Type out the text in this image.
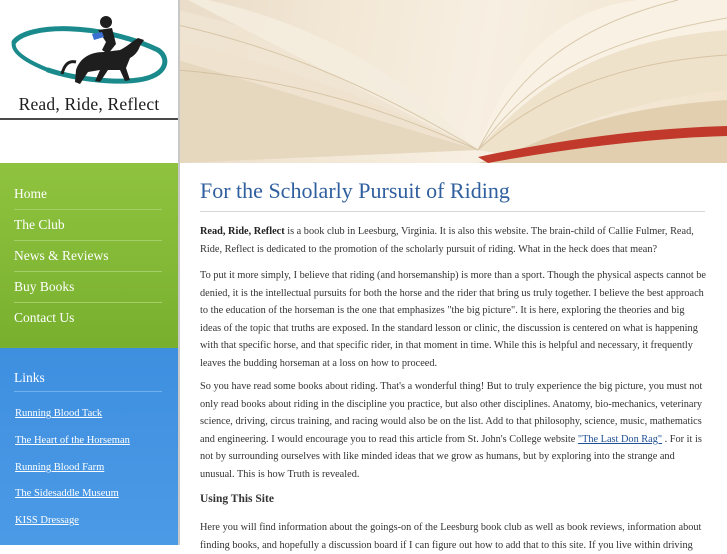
Read, Ride, Reflect
Home
The Club
News & Reviews
Buy Books
Contact Us
Links
Running Blood Tack
The Heart of the Horseman
Running Blood Farm
The Sidesaddle Museum
KISS Dressage
For the Scholarly Pursuit of Riding

Read, Ride, Reflect is a book club in Leesburg, Virginia. It is also this website. The brain-child of Callie Fulmer, Read, Ride, Reflect is dedicated to the promotion of the scholarly pursuit of riding. What in the heck does that mean?

To put it more simply, I believe that riding (and horsemanship) is more than a sport. Though the physical aspects cannot be denied, it is the intellectual pursuits for both the horse and the rider that bring us truly together. I believe the best approach to the education of the horseman is the one that emphasizes "the big picture". It is here, exploring the theories and big ideas of the topic that truths are exposed. In the standard lesson or clinic, the discussion is centered on what is happening with that specific horse, and that specific rider, in that moment in time. While this is helpful and necessary, it frequently leaves the budding horseman at a loss on how to proceed.

So you have read some books about riding. That's a wonderful thing! But to truly experience the big picture, you must not only read books about riding in the discipline you practice, but also other disciplines. Anatomy, bio-mechanics, veterinary science, driving, circus training, and racing would also be on the list. Add to that philosophy, science, music, mathematics and engineering. I would encourage you to read this article from St. John's College website "The Last Don Rag" . For it is not by surrounding ourselves with like minded ideas that we grow as humans, but by exploring into the strange and unusual. This is how Truth is revealed.

Using This Site

Here you will find information about the goings-on of the Leesburg book club as well as book reviews, information about finding books, and hopefully a discussion board if I can figure out how to add that to this site. If you live within driving
